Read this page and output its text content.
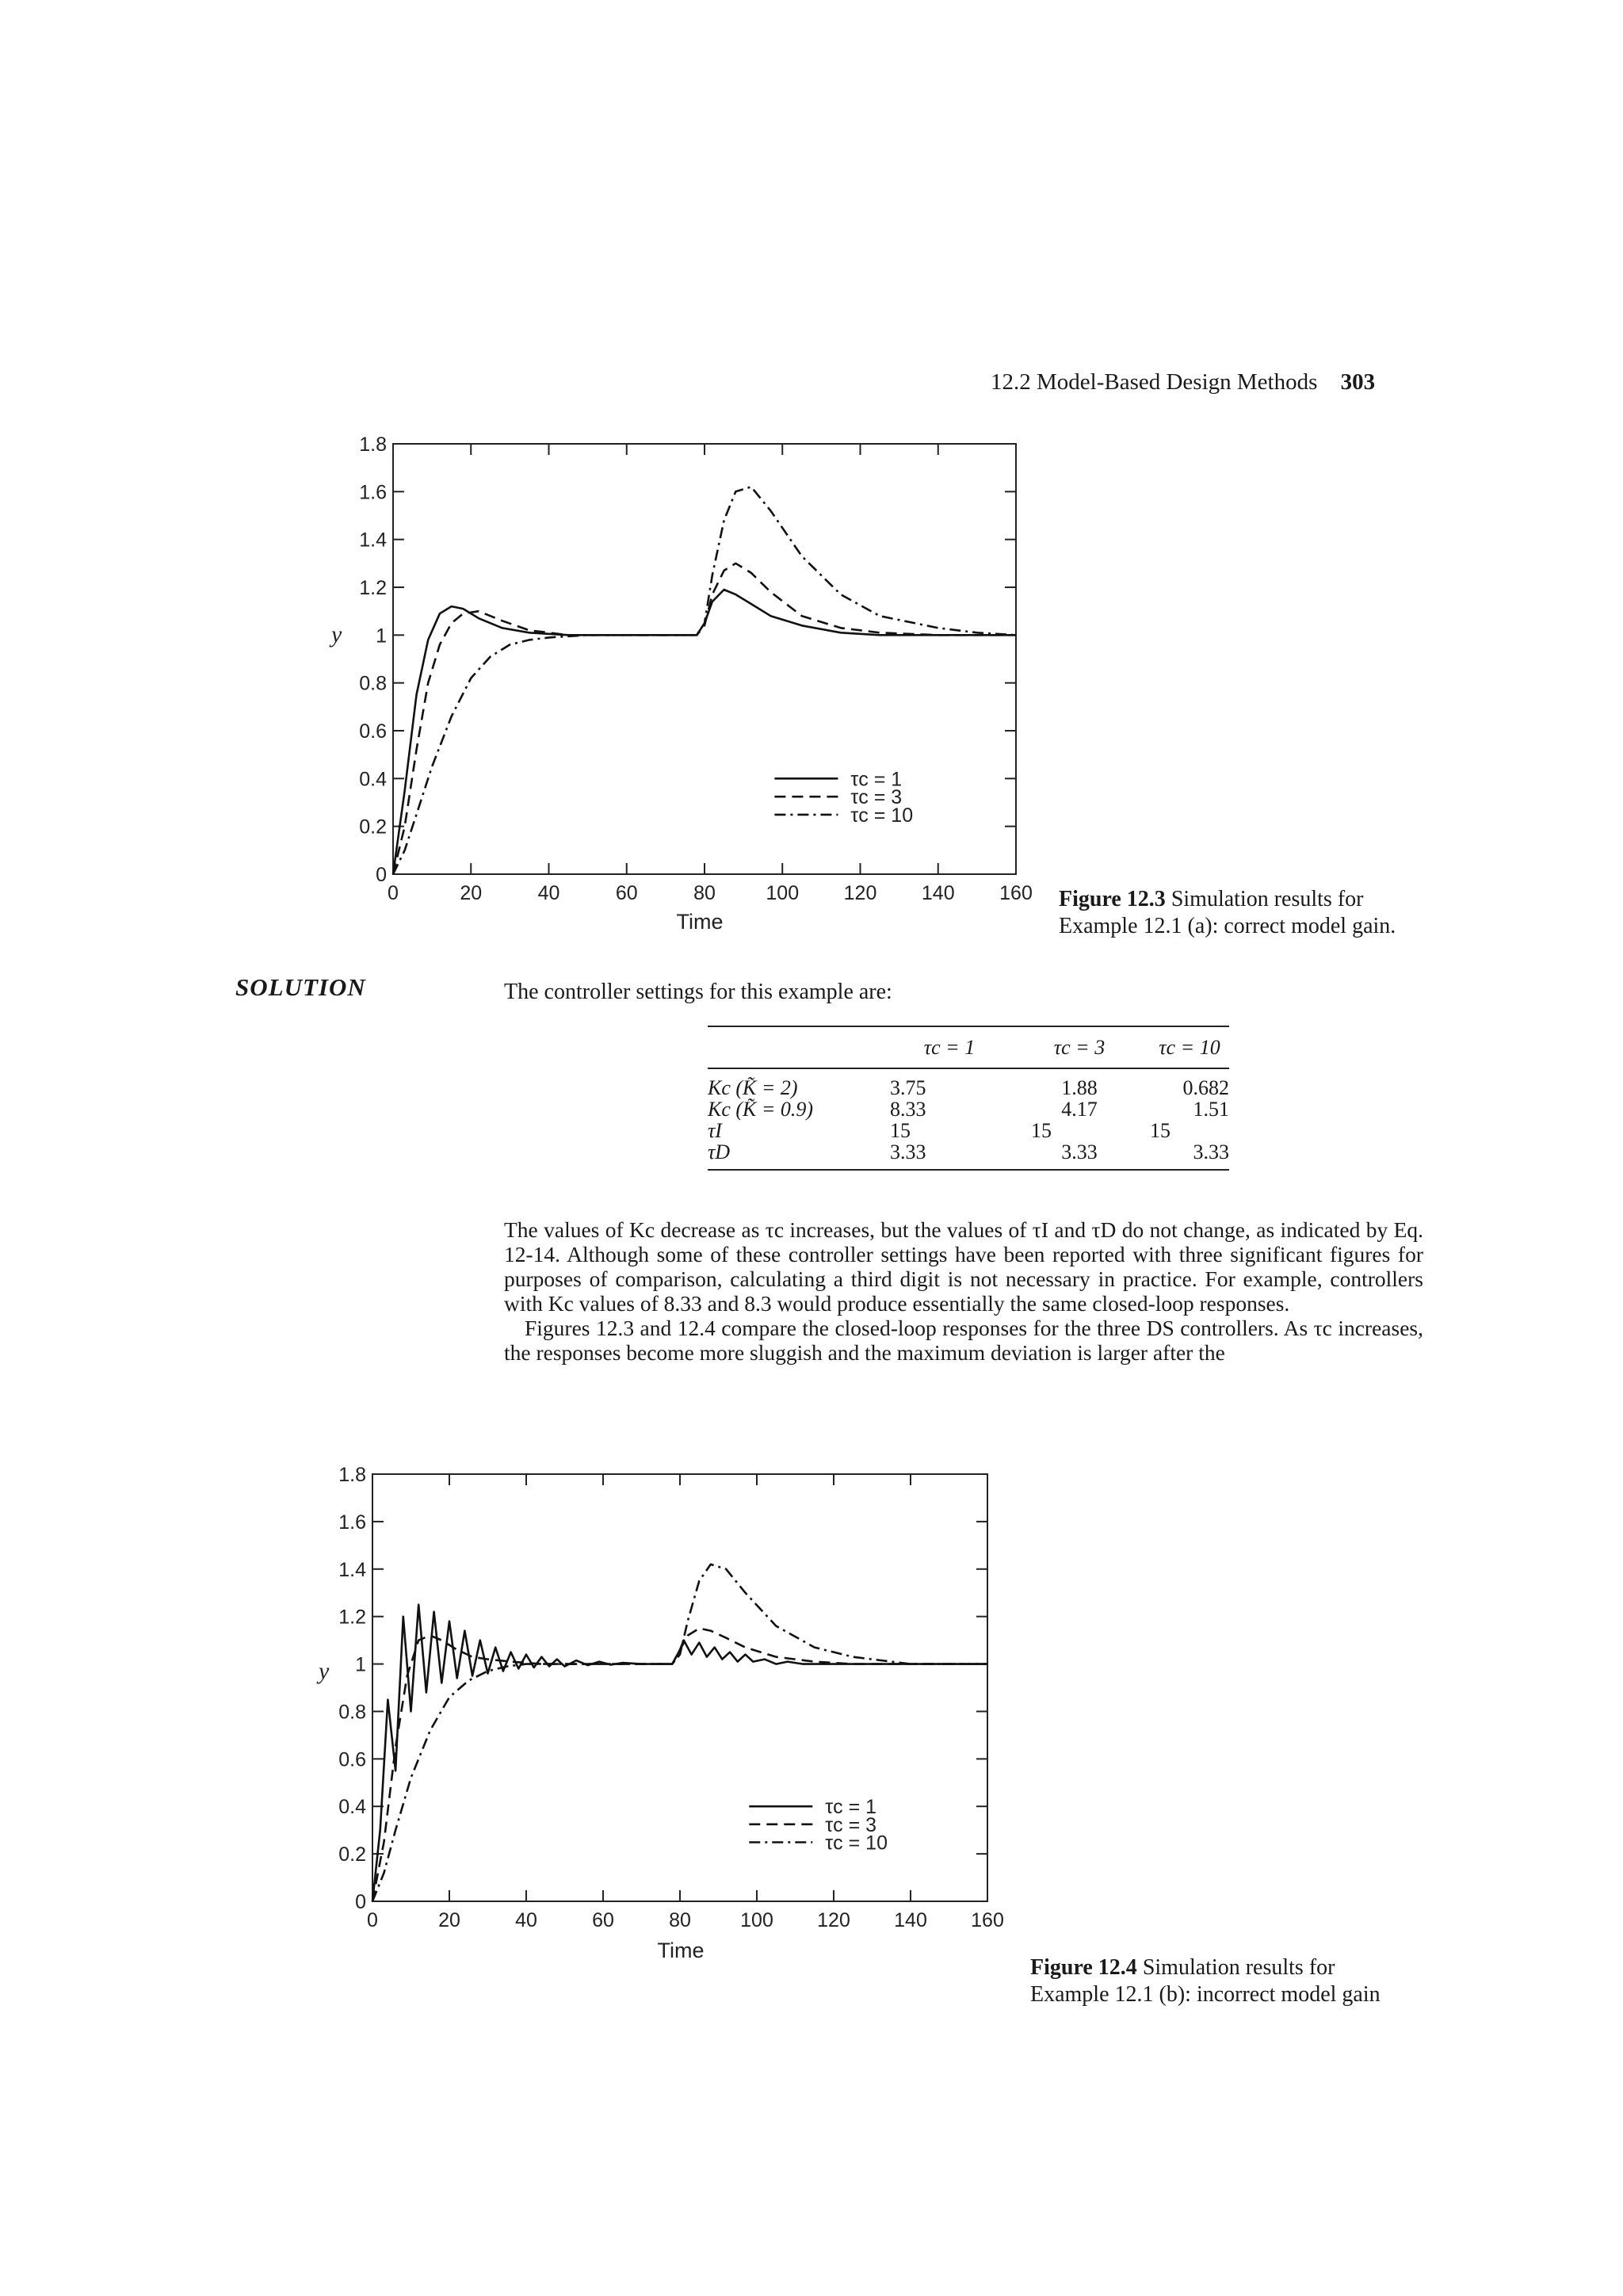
12.2 Model-Based Design Methods 303
0	20	40	60	80	100 120 140 160
0
0.2
0.4
0.6
0.8
1
1.2
1.4
1.6
1.8
τc = 1
τc = 3
τc = 10
y
Time
Figure 12.3 Simulation results for Example 12.1 (a): correct model gain.
SOLUTION	The controller settings for this example are:
	τc = 1	τc = 3	τc = 10
Kc (K̃ = 2)	3.75	1.88	0.682
Kc (K̃ = 0.9)	8.33	4.17	1.51
τI	15	15	15
τD	3.33	3.33	3.33

The values of Kc decrease as τc increases, but the values of τI and τD do not change, as indicated by Eq. 12-14. Although some of these controller settings have been reported with three significant figures for purposes of comparison, calculating a third digit is not necessary in practice. For example, controllers with Kc values of 8.33 and 8.3 would produce essentially the same closed-loop responses.

Figures 12.3 and 12.4 compare the closed-loop responses for the three DS controllers. As τc increases, the responses become more sluggish and the maximum deviation is larger after the

0	20	40	60	80 100 120 140 160
0
0.2
0.4
0.6
0.8
1
1.2
1.4
1.6
1.8
τc = 1
τc = 3
τc = 10
y
Time
Figure 12.4 Simulation results for Example 12.1 (b): incorrect model gain
